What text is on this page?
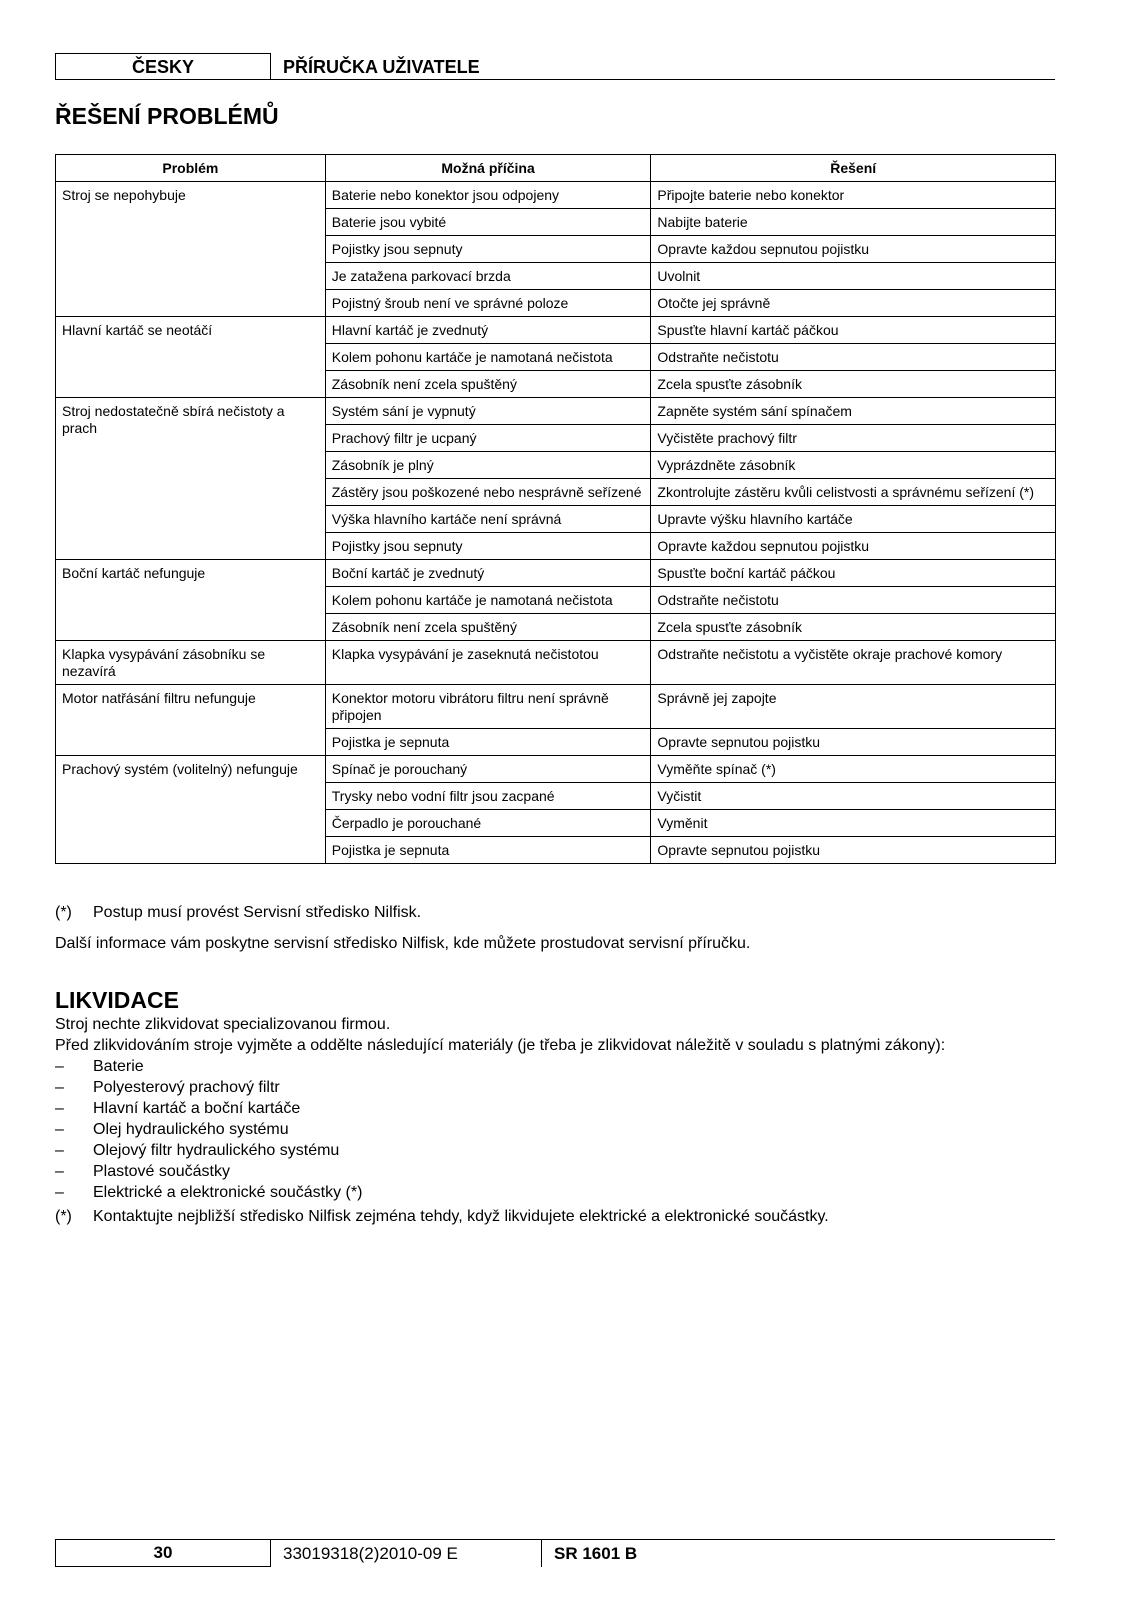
ČESKY	PŘÍRUČKA UŽIVATELE
ŘEŠENÍ PROBLÉMŮ
Problém	Možná příčina	Řešení
Stroj se nepohybuje	Baterie nebo konektor jsou odpojeny	Připojte baterie nebo konektor
	Baterie jsou vybité	Nabijte baterie
	Pojistky jsou sepnuty	Opravte každou sepnutou pojistku
	Je zatažena parkovací brzda	Uvolnit
	Pojistný šroub není ve správné poloze	Otočte jej správně
Hlavní kartáč se neotáčí	Hlavní kartáč je zvednutý	Spusťte hlavní kartáč páčkou
	Kolem pohonu kartáče je namotaná nečistota	Odstraňte nečistotu
	Zásobník není zcela spuštěný	Zcela spusťte zásobník
Stroj nedostatečně sbírá nečistoty a prach	Systém sání je vypnutý	Zapněte systém sání spínačem
	Prachový filtr je ucpaný	Vyčistěte prachový filtr
	Zásobník je plný	Vyprázdněte zásobník
	Zástěry jsou poškozené nebo nesprávně seřízené	Zkontrolujte zástěru kvůli celistvosti a správnému seřízení (*)
	Výška hlavního kartáče není správná	Upravte výšku hlavního kartáče
	Pojistky jsou sepnuty	Opravte každou sepnutou pojistku
Boční kartáč nefunguje	Boční kartáč je zvednutý	Spusťte boční kartáč páčkou
	Kolem pohonu kartáče je namotaná nečistota	Odstraňte nečistotu
	Zásobník není zcela spuštěný	Zcela spusťte zásobník
Klapka vysypávání zásobníku se nezavírá	Klapka vysypávání je zaseknutá nečistotou	Odstraňte nečistotu a vyčistěte okraje prachové komory
Motor natřásání filtru nefunguje	Konektor motoru vibrátoru filtru není správně připojen	Správně jej zapojte
	Pojistka je sepnuta	Opravte sepnutou pojistku
Prachový systém (volitelný) nefunguje	Spínač je porouchaný	Vyměňte spínač (*)
	Trysky nebo vodní filtr jsou zacpané	Vyčistit
	Čerpadlo je porouchané	Vyměnit
	Pojistka je sepnuta	Opravte sepnutou pojistku
(*)	Postup musí provést Servisní středisko Nilfisk.

Další informace vám poskytne servisní středisko Nilfisk, kde můžete prostudovat servisní příručku.

LIKVIDACE
Stroj nechte zlikvidovat specializovanou firmou.
Před zlikvidováním stroje vyjměte a oddělte následující materiály (je třeba je zlikvidovat náležitě v souladu s platnými zákony):
–	Baterie
–	Polyesterový prachový filtr
–	Hlavní kartáč a boční kartáče
–	Olej hydraulického systému
–	Olejový filtr hydraulického systému
–	Plastové součástky
–	Elektrické a elektronické součástky (*)
(*)	Kontaktujte nejbližší středisko Nilfisk zejména tehdy, když likvidujete elektrické a elektronické součástky.
30	33019318(2)2010-09 E	SR 1601 B
